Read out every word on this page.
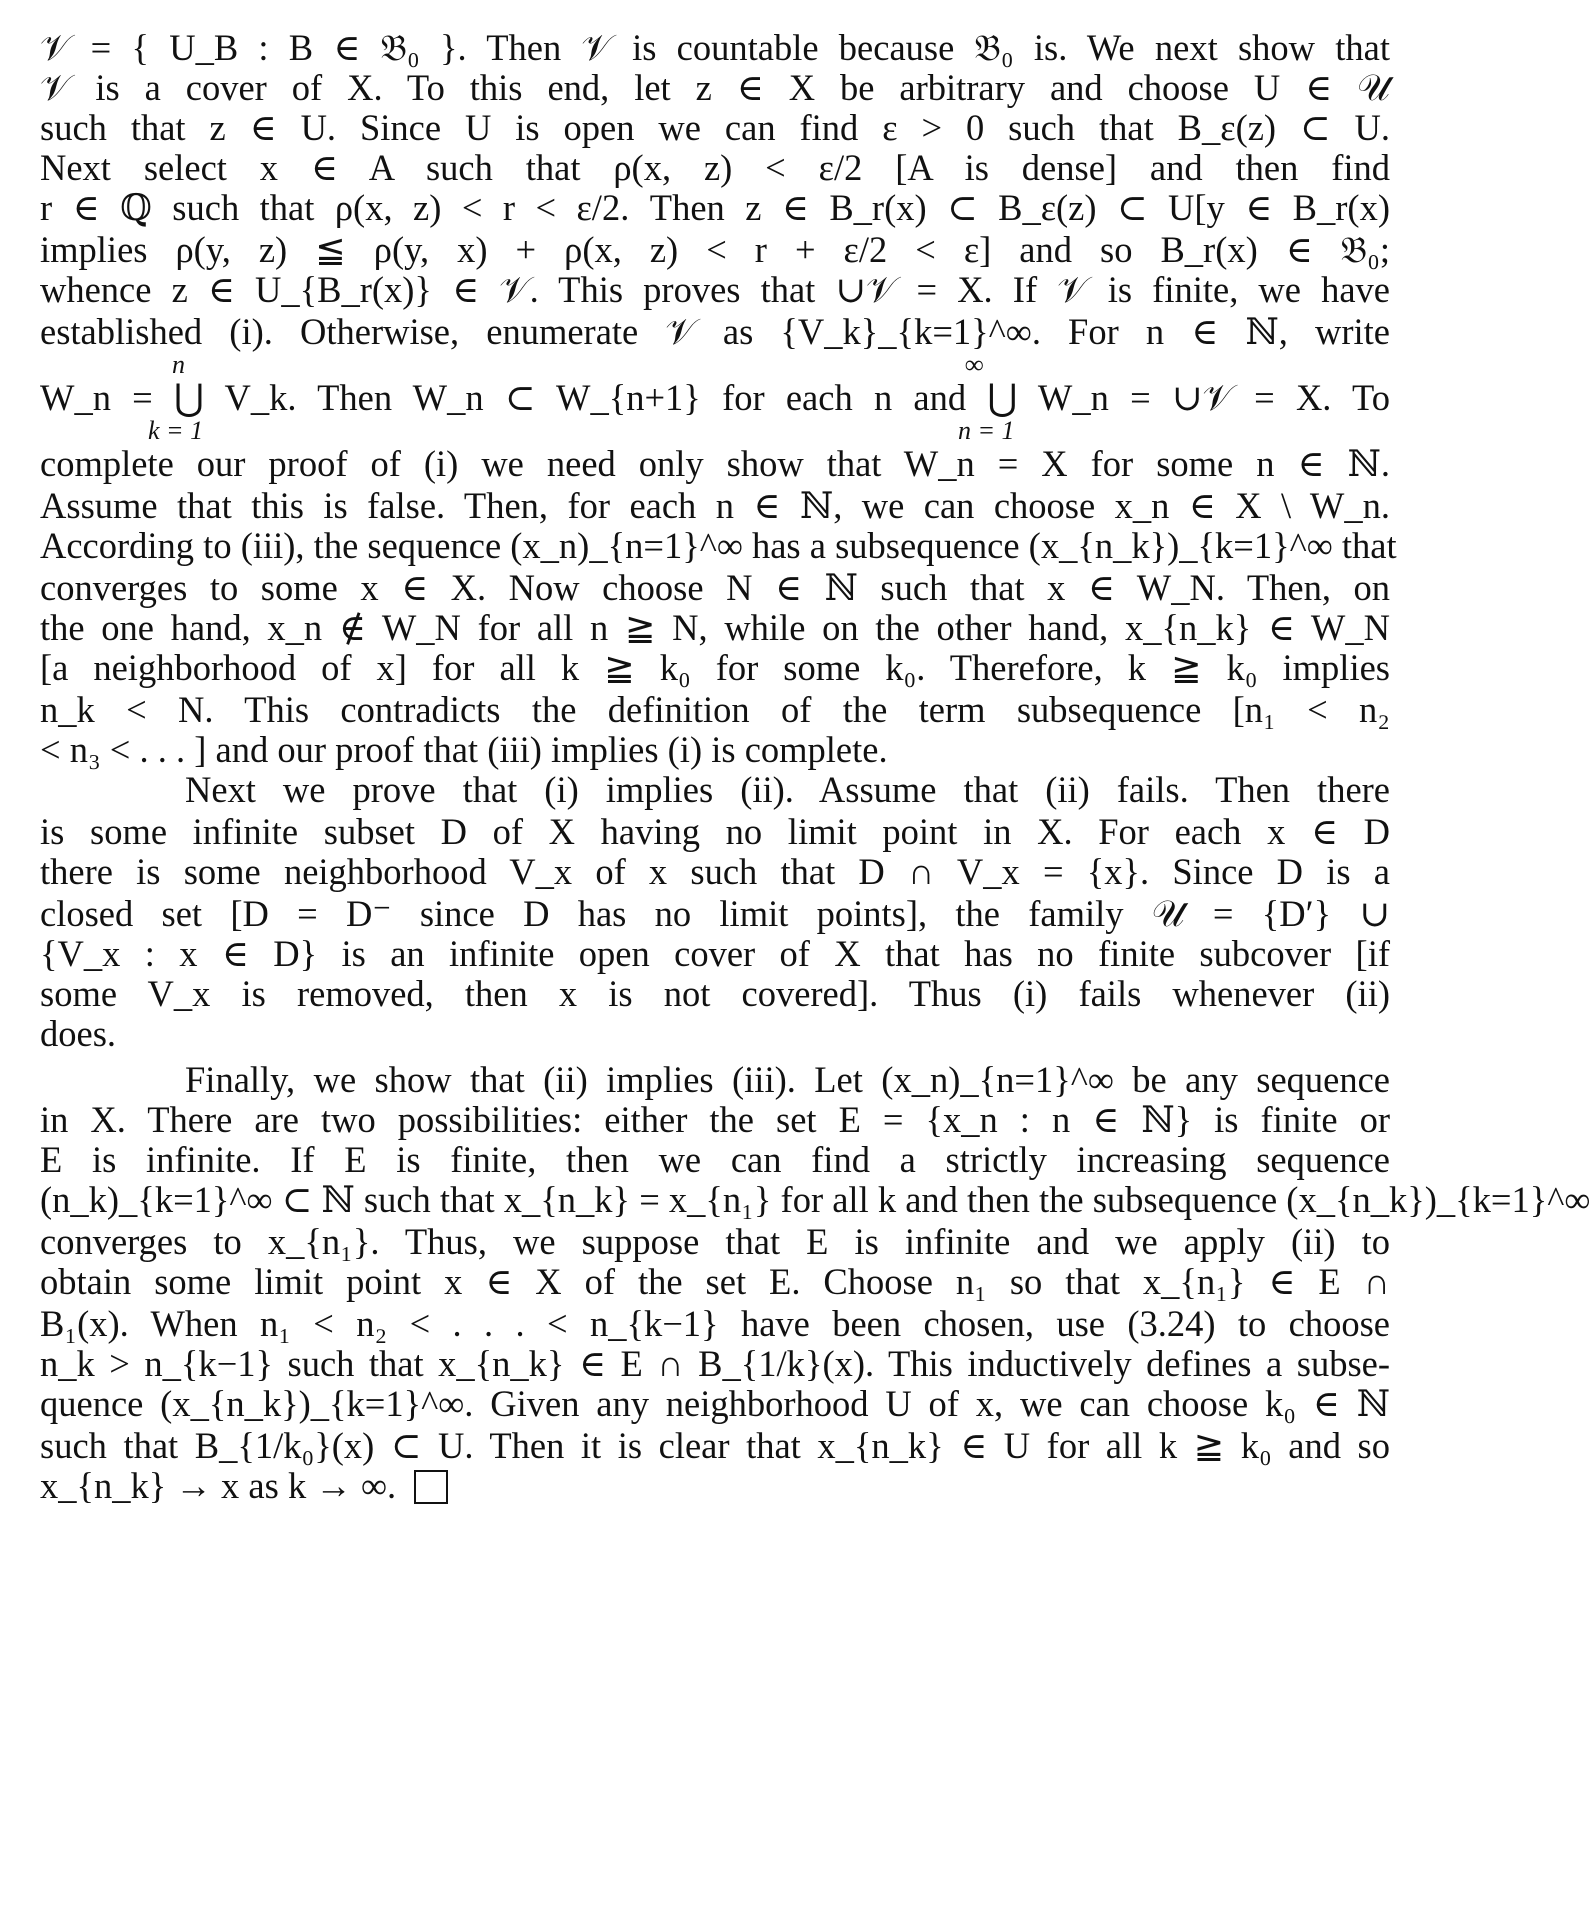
𝒱 = { U_B : B ∈ 𝔅₀ }. Then 𝒱 is countable because 𝔅₀ is. We next show that
𝒱 is a cover of X. To this end, let z ∈ X be arbitrary and choose U ∈ 𝒰
such that z ∈ U. Since U is open we can find ε > 0 such that B_ε(z) ⊂ U.
Next select x ∈ A such that ρ(x, z) < ε/2 [A is dense] and then find
r ∈ ℚ such that ρ(x, z) < r < ε/2. Then z ∈ B_r(x) ⊂ B_ε(z) ⊂ U[y ∈ B_r(x)
implies ρ(y, z) ≦ ρ(y, x) + ρ(x, z) < r + ε/2 < ε] and so B_r(x) ∈ 𝔅₀;
whence z ∈ U_{B_r(x)} ∈ 𝒱. This proves that ∪𝒱 = X. If 𝒱 is finite, we have
established (i). Otherwise, enumerate 𝒱 as {V_k}_{k=1}^∞. For n ∈ ℕ, write
n	∞
W_n = ⋃ V_k. Then W_n ⊂ W_{n+1} for each n and ⋃ W_n = ∪𝒱 = X. To
k = 1	n = 1
complete our proof of (i) we need only show that W_n = X for some n ∈ ℕ.
Assume that this is false. Then, for each n ∈ ℕ, we can choose x_n ∈ X \ W_n.
According to (iii), the sequence (x_n)_{n=1}^∞ has a subsequence (x_{n_k})_{k=1}^∞ that
converges to some x ∈ X. Now choose N ∈ ℕ such that x ∈ W_N. Then, on
the one hand, x_n ∉ W_N for all n ≧ N, while on the other hand, x_{n_k} ∈ W_N
[a neighborhood of x] for all k ≧ k₀ for some k₀. Therefore, k ≧ k₀ implies
n_k < N. This contradicts the definition of the term subsequence [n₁ < n₂
< n₃ < . . . ] and our proof that (iii) implies (i) is complete.
Next we prove that (i) implies (ii). Assume that (ii) fails. Then there
is some infinite subset D of X having no limit point in X. For each x ∈ D
there is some neighborhood V_x of x such that D ∩ V_x = {x}. Since D is a
closed set [D = D⁻ since D has no limit points], the family 𝒰 = {D′} ∪
{V_x : x ∈ D} is an infinite open cover of X that has no finite subcover [if
some V_x is removed, then x is not covered]. Thus (i) fails whenever (ii)
does.
Finally, we show that (ii) implies (iii). Let (x_n)_{n=1}^∞ be any sequence
in X. There are two possibilities: either the set E = {x_n : n ∈ ℕ} is finite or
E is infinite. If E is finite, then we can find a strictly increasing sequence
(n_k)_{k=1}^∞ ⊂ ℕ such that x_{n_k} = x_{n₁} for all k and then the subsequence (x_{n_k})_{k=1}^∞
converges to x_{n₁}. Thus, we suppose that E is infinite and we apply (ii) to
obtain some limit point x ∈ X of the set E. Choose n₁ so that x_{n₁} ∈ E ∩
B₁(x). When n₁ < n₂ < . . . < n_{k−1} have been chosen, use (3.24) to choose
n_k > n_{k−1} such that x_{n_k} ∈ E ∩ B_{1/k}(x). This inductively defines a subse-
quence (x_{n_k})_{k=1}^∞. Given any neighborhood U of x, we can choose k₀ ∈ ℕ
such that B_{1/k₀}(x) ⊂ U. Then it is clear that x_{n_k} ∈ U for all k ≧ k₀ and so
x_{n_k} → x as k → ∞.
